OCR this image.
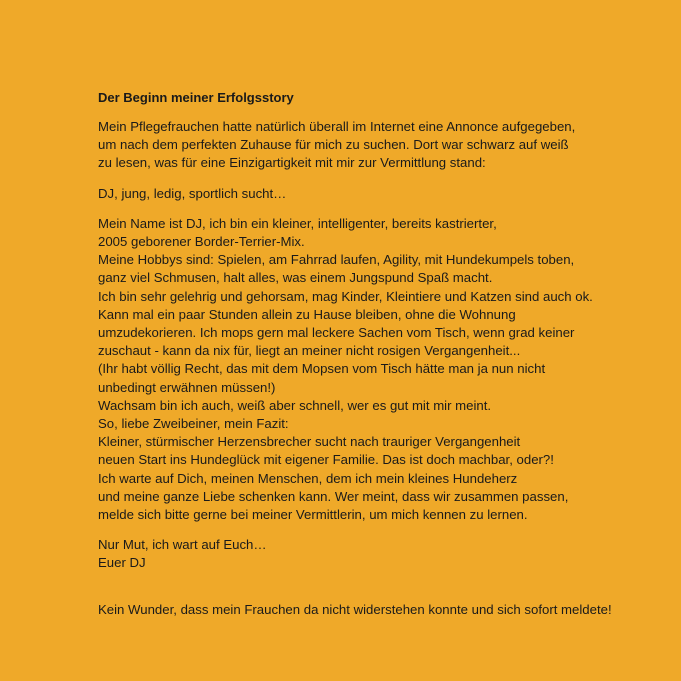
Der Beginn meiner Erfolgsstory
Mein Pflegefrauchen hatte natürlich überall im Internet eine Annonce aufgegeben,
um nach dem perfekten Zuhause für mich zu suchen. Dort war schwarz auf weiß
zu lesen, was für eine Einzigartigkeit mit mir zur Vermittlung stand:
DJ, jung, ledig, sportlich sucht…
Mein Name ist DJ, ich bin ein kleiner, intelligenter, bereits kastrierter,
2005 geborener Border-Terrier-Mix.
Meine Hobbys sind: Spielen, am Fahrrad laufen, Agility, mit Hundekumpels toben,
ganz viel Schmusen, halt alles, was einem Jungspund Spaß macht.
Ich bin sehr gelehrig und gehorsam, mag Kinder, Kleintiere und Katzen sind auch ok.
Kann mal ein paar Stunden allein zu Hause bleiben, ohne die Wohnung
umzudekorieren. Ich mops gern mal leckere Sachen vom Tisch, wenn grad keiner
zuschaut - kann da nix für, liegt an meiner nicht rosigen Vergangenheit...
(Ihr habt völlig Recht, das mit dem Mopsen vom Tisch hätte man ja nun nicht
unbedingt erwähnen müssen!)
Wachsam bin ich auch, weiß aber schnell, wer es gut mit mir meint.
So, liebe Zweibeiner, mein Fazit:
Kleiner, stürmischer Herzensbrecher sucht nach trauriger Vergangenheit
neuen Start ins Hundeglück mit eigener Familie. Das ist doch machbar, oder?!
Ich warte auf Dich, meinen Menschen, dem ich mein kleines Hundeherz
und meine ganze Liebe schenken kann. Wer meint, dass wir zusammen passen,
melde sich bitte gerne bei meiner Vermittlerin, um mich kennen zu lernen.
Nur Mut, ich wart auf Euch…
Euer DJ
Kein Wunder, dass mein Frauchen da nicht widerstehen konnte und sich sofort meldete!
